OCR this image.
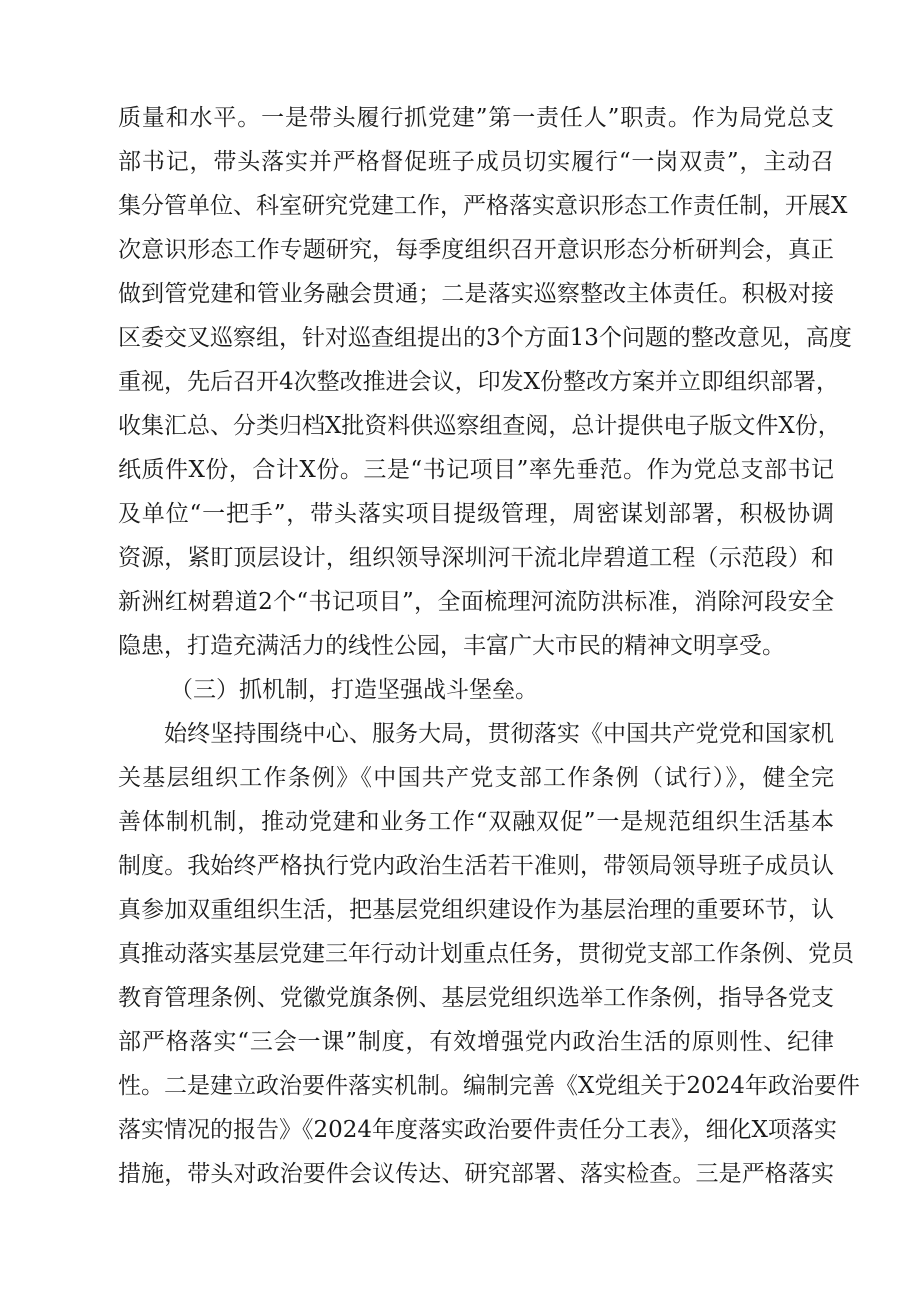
质量和水平。一是带头履行抓党建”第一责任人”职责。作为局党总支
部书记，带头落实并严格督促班子成员切实履行“一岗双责”，主动召
集分管单位、科室研究党建工作，严格落实意识形态工作责任制，开展X
次意识形态工作专题研究，每季度组织召开意识形态分析研判会，真正
做到管党建和管业务融会贯通；二是落实巡察整改主体责任。积极对接
区委交叉巡察组，针对巡查组提出的3个方面13个问题的整改意见，高度
重视，先后召开4次整改推进会议，印发X份整改方案并立即组织部署，
收集汇总、分类归档X批资料供巡察组查阅，总计提供电子版文件X份，
纸质件X份，合计X份。三是“书记项目”率先垂范。作为党总支部书记
及单位“一把手”，带头落实项目提级管理，周密谋划部署，积极协调
资源，紧盯顶层设计，组织领导深圳河干流北岸碧道工程（示范段）和
新洲红树碧道2个“书记项目”，全面梳理河流防洪标准，消除河段安全
隐患，打造充满活力的线性公园，丰富广大市民的精神文明享受。
（三）抓机制，打造坚强战斗堡垒。
始终坚持围绕中心、服务大局，贯彻落实《中国共产党党和国家机
关基层组织工作条例》《中国共产党支部工作条例（试行）》，健全完
善体制机制，推动党建和业务工作“双融双促”一是规范组织生活基本
制度。我始终严格执行党内政治生活若干准则，带领局领导班子成员认
真参加双重组织生活，把基层党组织建设作为基层治理的重要环节，认
真推动落实基层党建三年行动计划重点任务，贯彻党支部工作条例、党员
教育管理条例、党徽党旗条例、基层党组织选举工作条例，指导各党支
部严格落实“三会一课”制度，有效增强党内政治生活的原则性、纪律
性。二是建立政治要件落实机制。编制完善《X党组关于2024年政治要件
落实情况的报告》《2024年度落实政治要件责任分工表》，细化X项落实
措施，带头对政治要件会议传达、研究部署、落实检查。三是严格落实
